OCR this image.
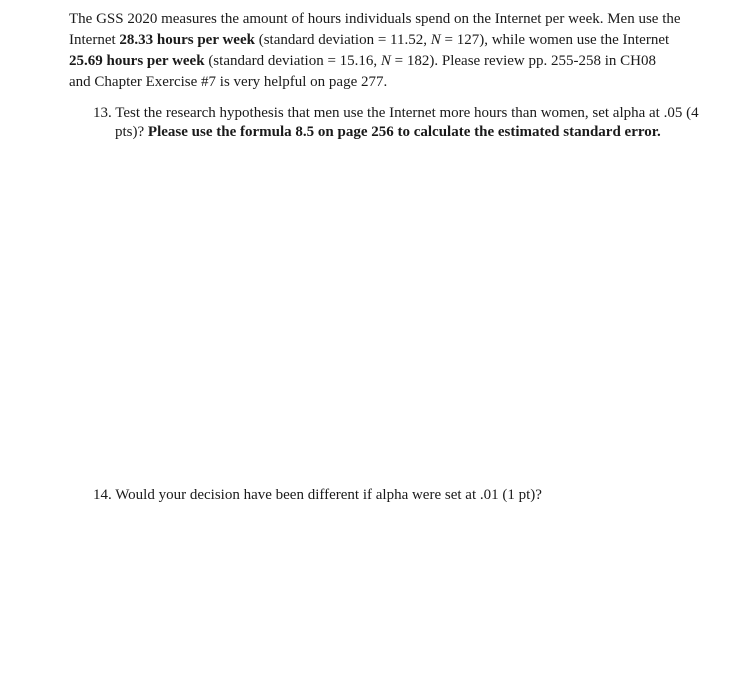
The GSS 2020 measures the amount of hours individuals spend on the Internet per week. Men use the Internet 28.33 hours per week (standard deviation = 11.52, N = 127), while women use the Internet 25.69 hours per week (standard deviation = 15.16, N = 182). Please review pp. 255-258 in CH08 and Chapter Exercise #7 is very helpful on page 277.

13. Test the research hypothesis that men use the Internet more hours than women, set alpha at .05 (4 pts)? Please use the formula 8.5 on page 256 to calculate the estimated standard error.

14. Would your decision have been different if alpha were set at .01 (1 pt)?
